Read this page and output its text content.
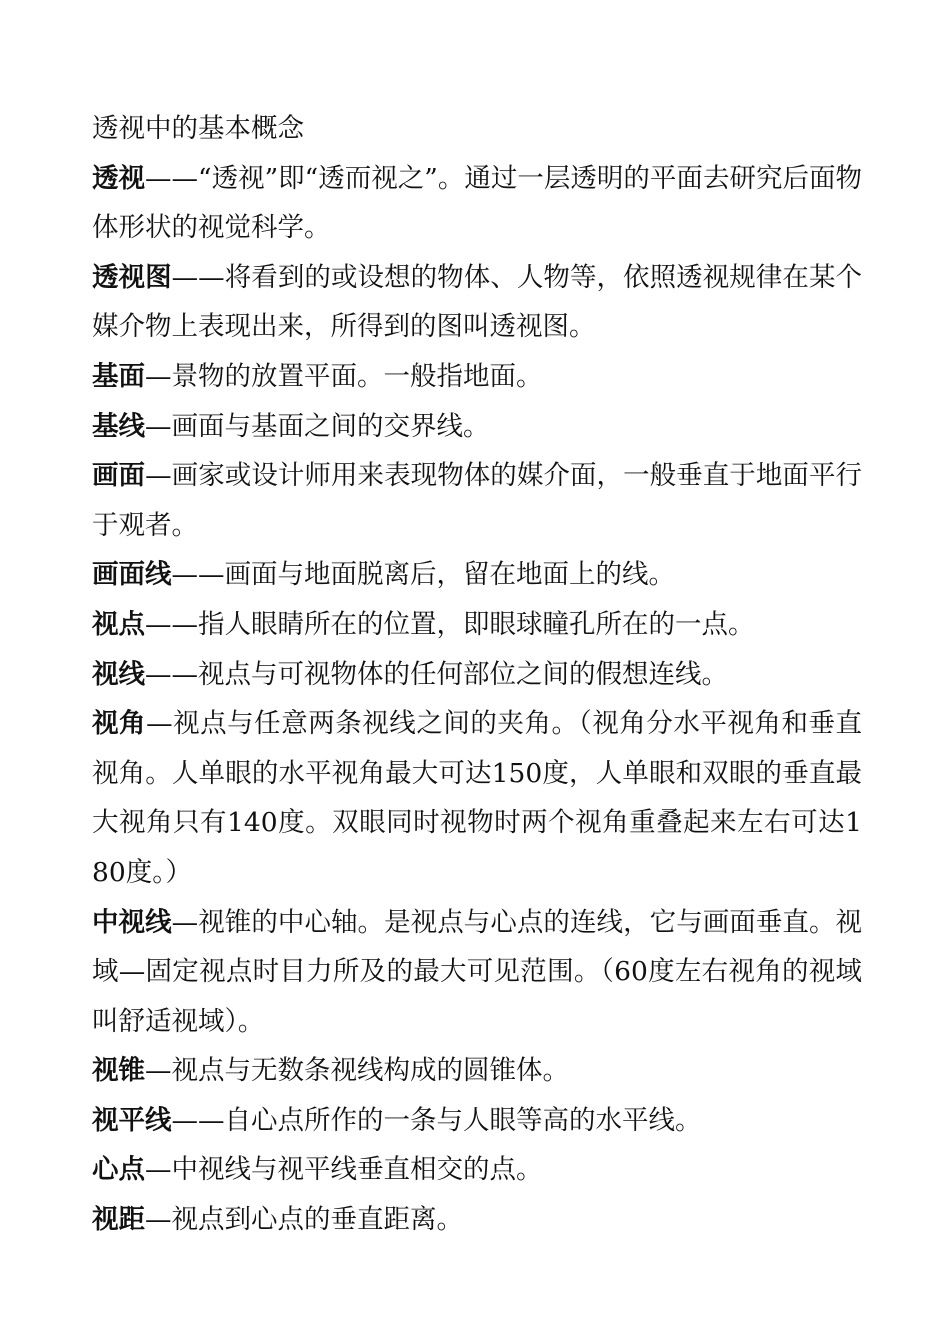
透视中的基本概念

透视——“透视”即“透而视之”。通过一层透明的平面去研究后面物体形状的视觉科学。

透视图——将看到的或设想的物体、人物等，依照透视规律在某个媒介物上表现出来，所得到的图叫透视图。

基面—景物的放置平面。一般指地面。

基线—画面与基面之间的交界线。

画面—画家或设计师用来表现物体的媒介面，一般垂直于地面平行于观者。

画面线——画面与地面脱离后，留在地面上的线。

视点——指人眼睛所在的位置，即眼球瞳孔所在的一点。

视线——视点与可视物体的任何部位之间的假想连线。

视角—视点与任意两条视线之间的夹角。（视角分水平视角和垂直视角。人单眼的水平视角最大可达150度，人单眼和双眼的垂直最大视角只有140度。双眼同时视物时两个视角重叠起来左右可达180度。）

中视线—视锥的中心轴。是视点与心点的连线，它与画面垂直。视域—固定视点时目力所及的最大可见范围。（60度左右视角的视域叫舒适视域）。

视锥—视点与无数条视线构成的圆锥体。

视平线——自心点所作的一条与人眼等高的水平线。

心点—中视线与视平线垂直相交的点。

视距—视点到心点的垂直距离。
